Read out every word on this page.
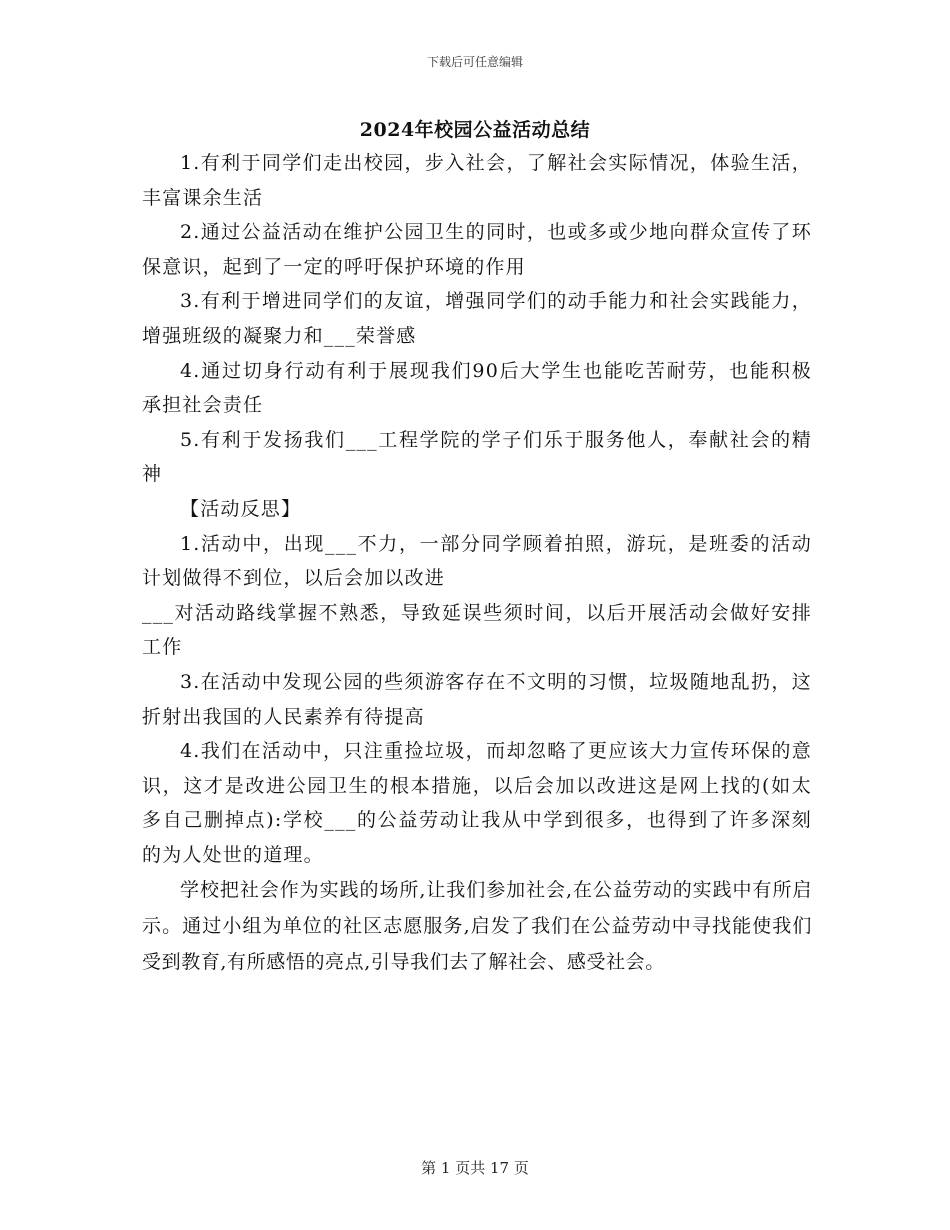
下载后可任意编辑
2024年校园公益活动总结

1.有利于同学们走出校园，步入社会，了解社会实际情况，体验生活，丰富课余生活

2.通过公益活动在维护公园卫生的同时，也或多或少地向群众宣传了环保意识，起到了一定的呼吁保护环境的作用

3.有利于增进同学们的友谊，增强同学们的动手能力和社会实践能力，增强班级的凝聚力和___荣誉感

4.通过切身行动有利于展现我们90后大学生也能吃苦耐劳，也能积极承担社会责任

5.有利于发扬我们___工程学院的学子们乐于服务他人，奉献社会的精神

【活动反思】

1.活动中，出现___不力，一部分同学顾着拍照，游玩，是班委的活动计划做得不到位，以后会加以改进

___对活动路线掌握不熟悉，导致延误些须时间，以后开展活动会做好安排工作

3.在活动中发现公园的些须游客存在不文明的习惯，垃圾随地乱扔，这折射出我国的人民素养有待提高

4.我们在活动中，只注重捡垃圾，而却忽略了更应该大力宣传环保的意识，这才是改进公园卫生的根本措施，以后会加以改进这是网上找的(如太多自己删掉点):学校___的公益劳动让我从中学到很多，也得到了许多深刻的为人处世的道理。

学校把社会作为实践的场所,让我们参加社会,在公益劳动的实践中有所启示。通过小组为单位的社区志愿服务,启发了我们在公益劳动中寻找能使我们受到教育,有所感悟的亮点,引导我们去了解社会、感受社会。

第 1 页共 17 页
